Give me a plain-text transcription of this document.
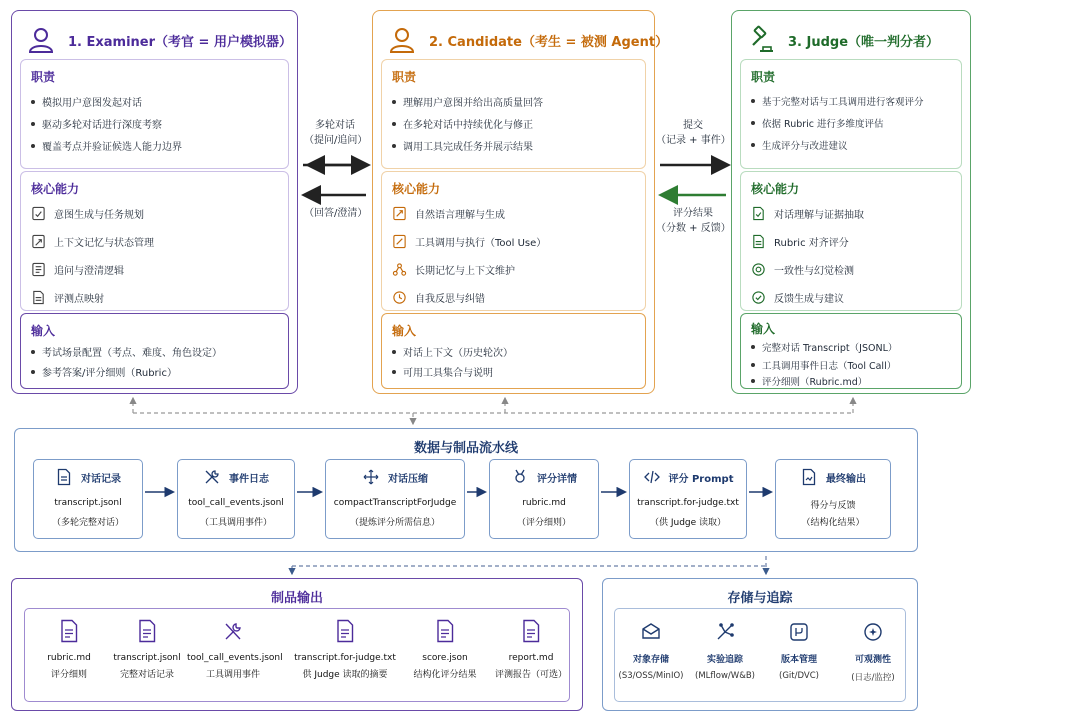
1. Examiner（考官 = 用户模拟器）
职责
模拟用户意图发起对话
驱动多轮对话进行深度考察
覆盖考点并验证候选人能力边界
核心能力
意图生成与任务规划
上下文记忆与状态管理
追问与澄清逻辑
评测点映射
输入
考试场景配置（考点、难度、角色设定）
参考答案/评分细则（Rubric）
2. Candidate（考生 = 被测 Agent）
职责
理解用户意图并给出高质量回答
在多轮对话中持续优化与修正
调用工具完成任务并展示结果
核心能力
自然语言理解与生成
工具调用与执行（Tool Use）
长期记忆与上下文维护
自我反思与纠错
输入
对话上下文（历史轮次）
可用工具集合与说明
3. Judge（唯一判分者）
职责
基于完整对话与工具调用进行客观评分
依据 Rubric 进行多维度评估
生成评分与改进建议
核心能力
对话理解与证据抽取
Rubric 对齐评分
一致性与幻觉检测
反馈生成与建议
输入
完整对话 Transcript（JSONL）
工具调用事件日志（Tool Call）
评分细则（Rubric.md）
多轮对话
（提问/追问）
（回答/澄清）
提交
（记录 + 事件）
评分结果
（分数 + 反馈）
数据与制品流水线
对话记录
transcript.jsonl
（多轮完整对话）
事件日志
tool_call_events.jsonl
（工具调用事件）
对话压缩
compactTranscriptForJudge
（提炼评分所需信息）
评分详情
rubric.md
（评分细则）
评分 Prompt
transcript.for-judge.txt
（供 Judge 读取）
最终输出
得分与反馈
（结构化结果）
制品输出
rubric.md
评分细则
transcript.jsonl
完整对话记录
tool_call_events.jsonl
工具调用事件
transcript.for-judge.txt
供 Judge 读取的摘要
score.json
结构化评分结果
report.md
评测报告（可选）
存储与追踪
对象存储
(S3/OSS/MinIO)
实验追踪
(MLflow/W&B)
版本管理
(Git/DVC)
可观测性
(日志/监控)
